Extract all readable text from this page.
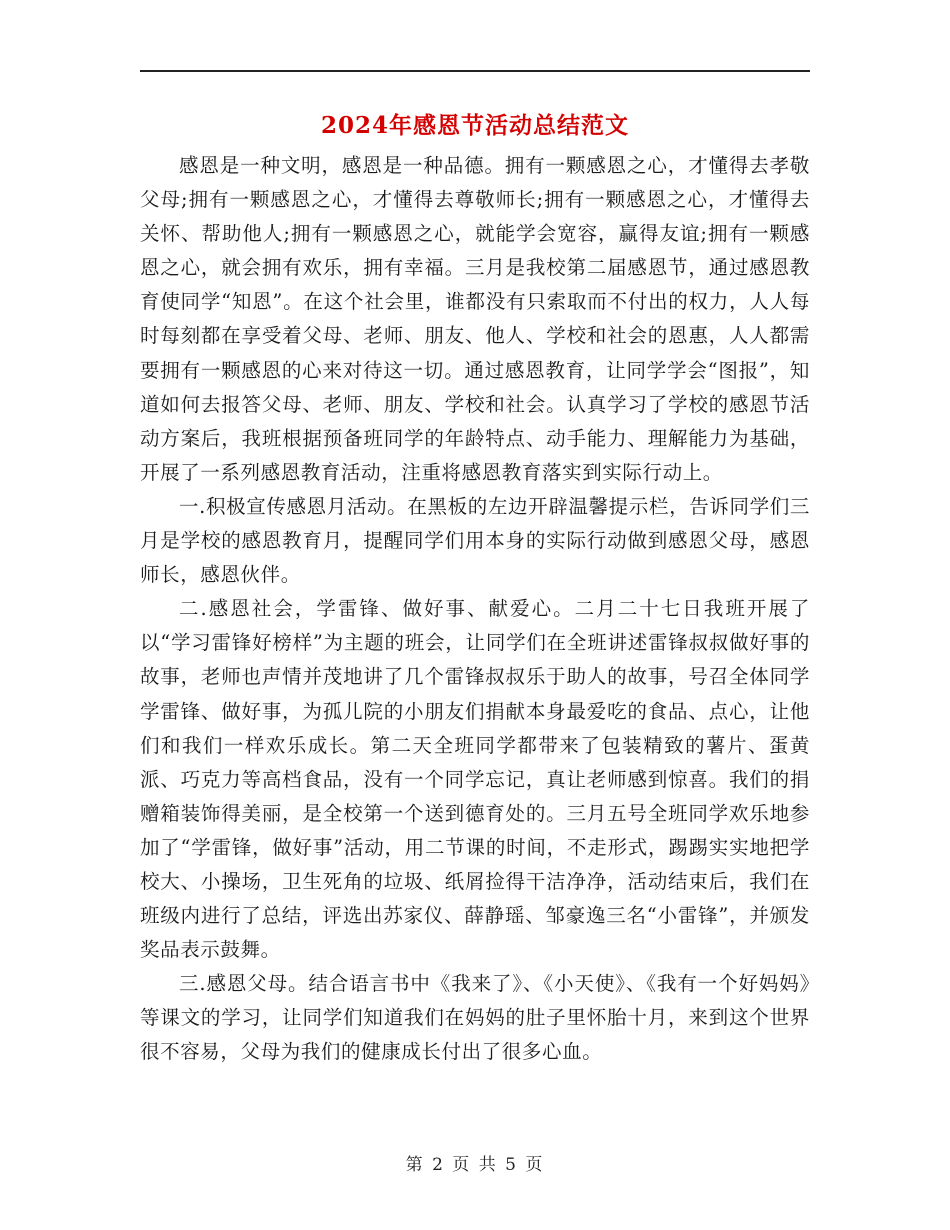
2024年感恩节活动总结范文

感恩是一种文明，感恩是一种品德。拥有一颗感恩之心，才懂得去孝敬父母;拥有一颗感恩之心，才懂得去尊敬师长;拥有一颗感恩之心，才懂得去关怀、帮助他人;拥有一颗感恩之心，就能学会宽容，赢得友谊;拥有一颗感恩之心，就会拥有欢乐，拥有幸福。三月是我校第二届感恩节，通过感恩教育使同学“知恩”。在这个社会里，谁都没有只索取而不付出的权力，人人每时每刻都在享受着父母、老师、朋友、他人、学校和社会的恩惠，人人都需要拥有一颗感恩的心来对待这一切。通过感恩教育，让同学学会“图报”，知道如何去报答父母、老师、朋友、学校和社会。认真学习了学校的感恩节活动方案后，我班根据预备班同学的年龄特点、动手能力、理解能力为基础，开展了一系列感恩教育活动，注重将感恩教育落实到实际行动上。

一.积极宣传感恩月活动。在黑板的左边开辟温馨提示栏，告诉同学们三月是学校的感恩教育月，提醒同学们用本身的实际行动做到感恩父母，感恩师长，感恩伙伴。

二.感恩社会，学雷锋、做好事、献爱心。二月二十七日我班开展了以“学习雷锋好榜样”为主题的班会，让同学们在全班讲述雷锋叔叔做好事的故事，老师也声情并茂地讲了几个雷锋叔叔乐于助人的故事，号召全体同学学雷锋、做好事，为孤儿院的小朋友们捐献本身最爱吃的食品、点心，让他们和我们一样欢乐成长。第二天全班同学都带来了包装精致的薯片、蛋黄派、巧克力等高档食品，没有一个同学忘记，真让老师感到惊喜。我们的捐赠箱装饰得美丽，是全校第一个送到德育处的。三月五号全班同学欢乐地参加了“学雷锋，做好事”活动，用二节课的时间，不走形式，踢踢实实地把学校大、小操场，卫生死角的垃圾、纸屑捡得干洁净净，活动结束后，我们在班级内进行了总结，评选出苏家仪、薛静瑶、邹豪逸三名“小雷锋”，并颁发奖品表示鼓舞。

三.感恩父母。结合语言书中《我来了》、《小天使》、《我有一个好妈妈》等课文的学习，让同学们知道我们在妈妈的肚子里怀胎十月，来到这个世界很不容易，父母为我们的健康成长付出了很多心血。

第 2 页 共 5 页
